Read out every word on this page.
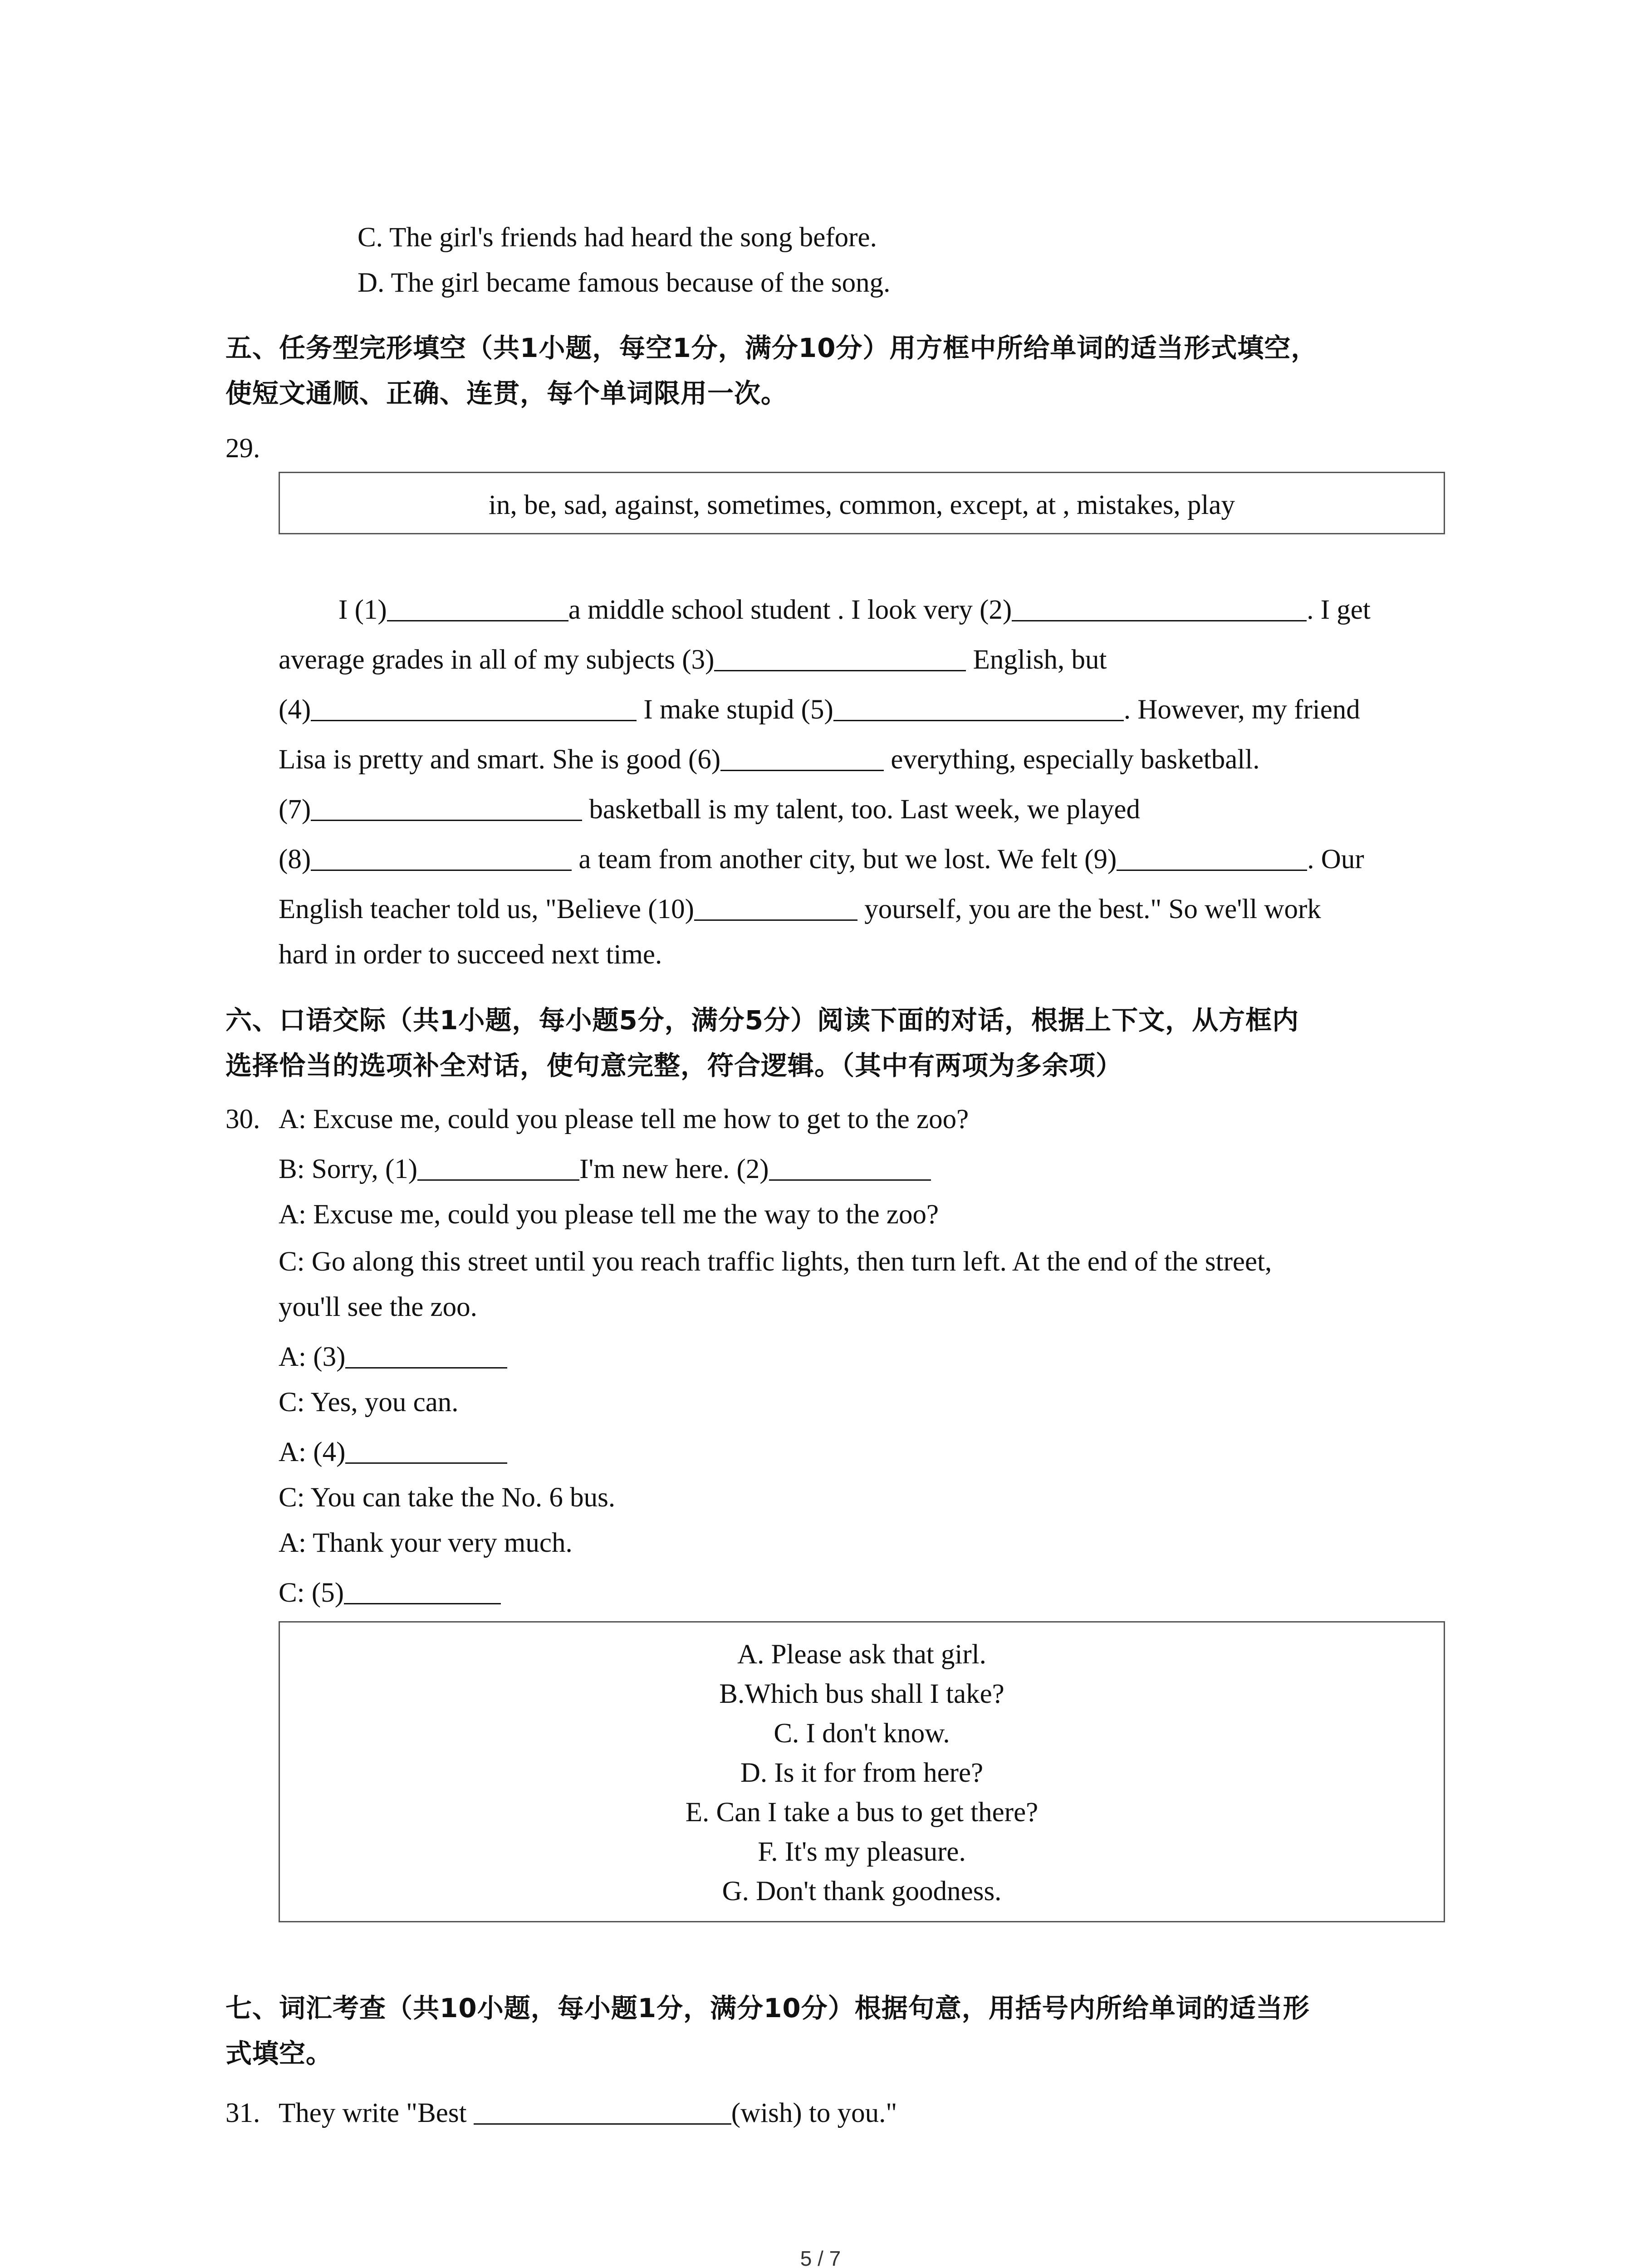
C. The girl's friends had heard the song before.
D. The girl became famous because of the song.
五、任务型完形填空（共1小题，每空1分，满分10分）用方框中所给单词的适当形式填空，
使短文通顺、正确、连贯，每个单词限用一次。
29.
in, be, sad, against, sometimes, common, except, at , mistakes, play
I (1)	a middle school student . I look very (2)	. I get
average grades in all of my subjects (3)	English, but
(4)	I make stupid (5)	. However, my friend
Lisa is pretty and smart. She is good (6)	everything, especially basketball.
(7)	basketball is my talent, too. Last week, we played
(8)	a team from another city, but we lost. We felt (9)	. Our
English teacher told us, "Believe (10)	yourself, you are the best." So we'll work
hard in order to succeed next time.
六、口语交际（共1小题，每小题5分，满分5分）阅读下面的对话，根据上下文，从方框内
选择恰当的选项补全对话，使句意完整，符合逻辑。（其中有两项为多余项）
30. A: Excuse me, could you please tell me how to get to the zoo?
B: Sorry, (1)	I'm new here. (2)
A: Excuse me, could you please tell me the way to the zoo?
C: Go along this street until you reach traffic lights, then turn left. At the end of the street,
you'll see the zoo.
A: (3)
C: Yes, you can.
A: (4)
C: You can take the No. 6 bus.
A: Thank your very much.
C: (5)
A. Please ask that girl.
B.Which bus shall I take?
C. I don't know.
D. Is it for from here?
E. Can I take a bus to get there?
F. It's my pleasure.
G. Don't thank goodness.
七、词汇考查（共10小题，每小题1分，满分10分）根据句意，用括号内所给单词的适当形
式填空。
31. They write "Best	(wish) to you."
5 / 7
